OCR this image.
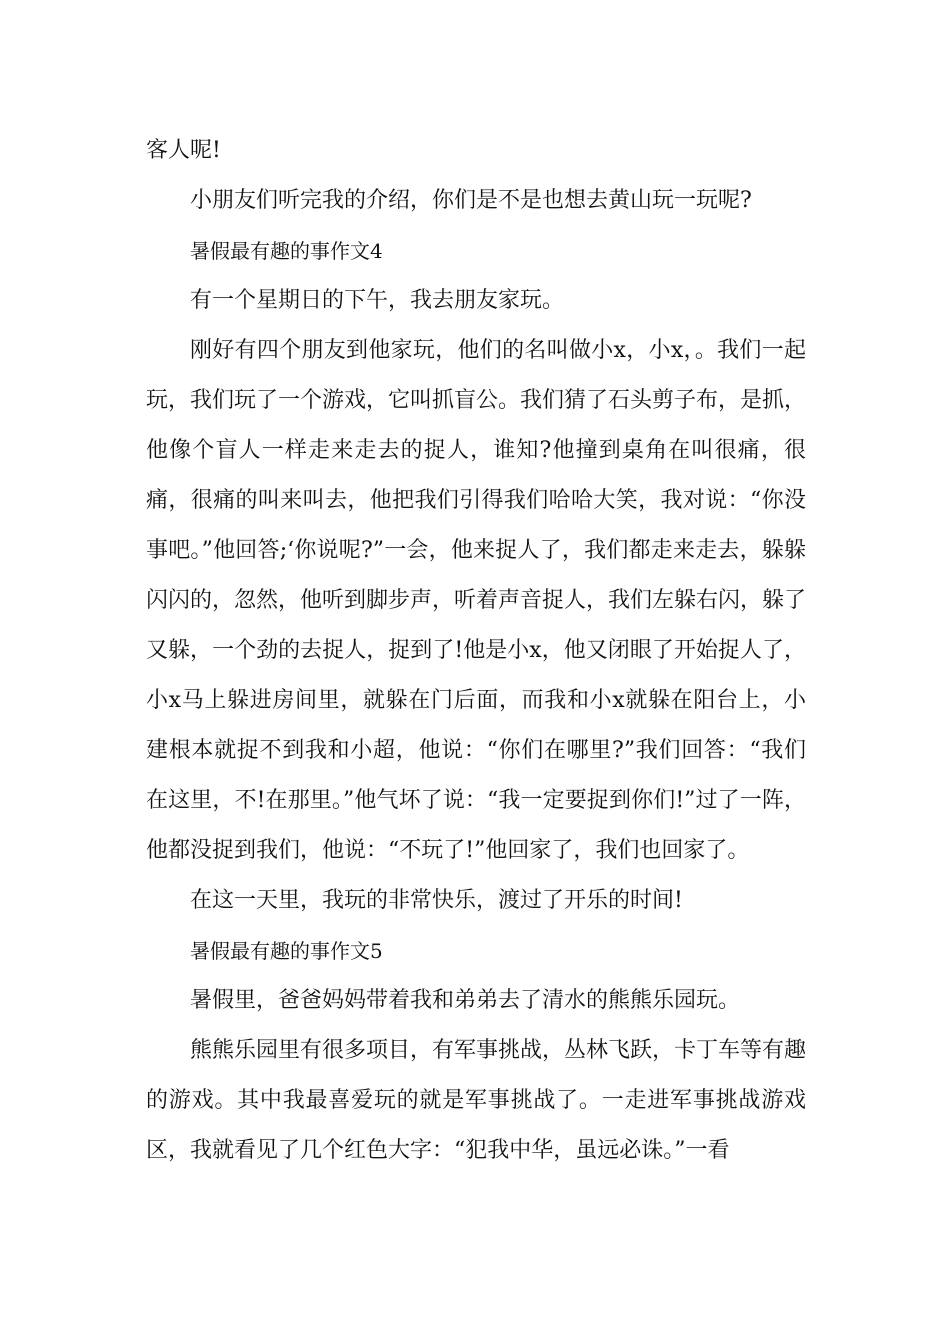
客人呢!

小朋友们听完我的介绍，你们是不是也想去黄山玩一玩呢?

暑假最有趣的事作文4

有一个星期日的下午，我去朋友家玩。

刚好有四个朋友到他家玩，他们的名叫做小x，小x，。我们一起玩，我们玩了一个游戏，它叫抓盲公。我们猜了石头剪子布，是抓，他像个盲人一样走来走去的捉人，谁知?他撞到桌角在叫很痛，很痛，很痛的叫来叫去，他把我们引得我们哈哈大笑，我对说：“你没事吧。”他回答;‘你说呢?”一会，他来捉人了，我们都走来走去，躲躲闪闪的，忽然，他听到脚步声，听着声音捉人，我们左躲右闪，躲了又躲，一个劲的去捉人，捉到了!他是小x，他又闭眼了开始捉人了，小x马上躲进房间里，就躲在门后面，而我和小x就躲在阳台上，小建根本就捉不到我和小超，他说：“你们在哪里?”我们回答：“我们在这里，不!在那里。”他气坏了说：“我一定要捉到你们!”过了一阵，他都没捉到我们，他说：“不玩了!”他回家了，我们也回家了。

在这一天里，我玩的非常快乐，渡过了开乐的时间!

暑假最有趣的事作文5

暑假里，爸爸妈妈带着我和弟弟去了清水的熊熊乐园玩。

熊熊乐园里有很多项目，有军事挑战，丛林飞跃，卡丁车等有趣的游戏。其中我最喜爱玩的就是军事挑战了。一走进军事挑战游戏区，我就看见了几个红色大字：“犯我中华，虽远必诛。”一看
